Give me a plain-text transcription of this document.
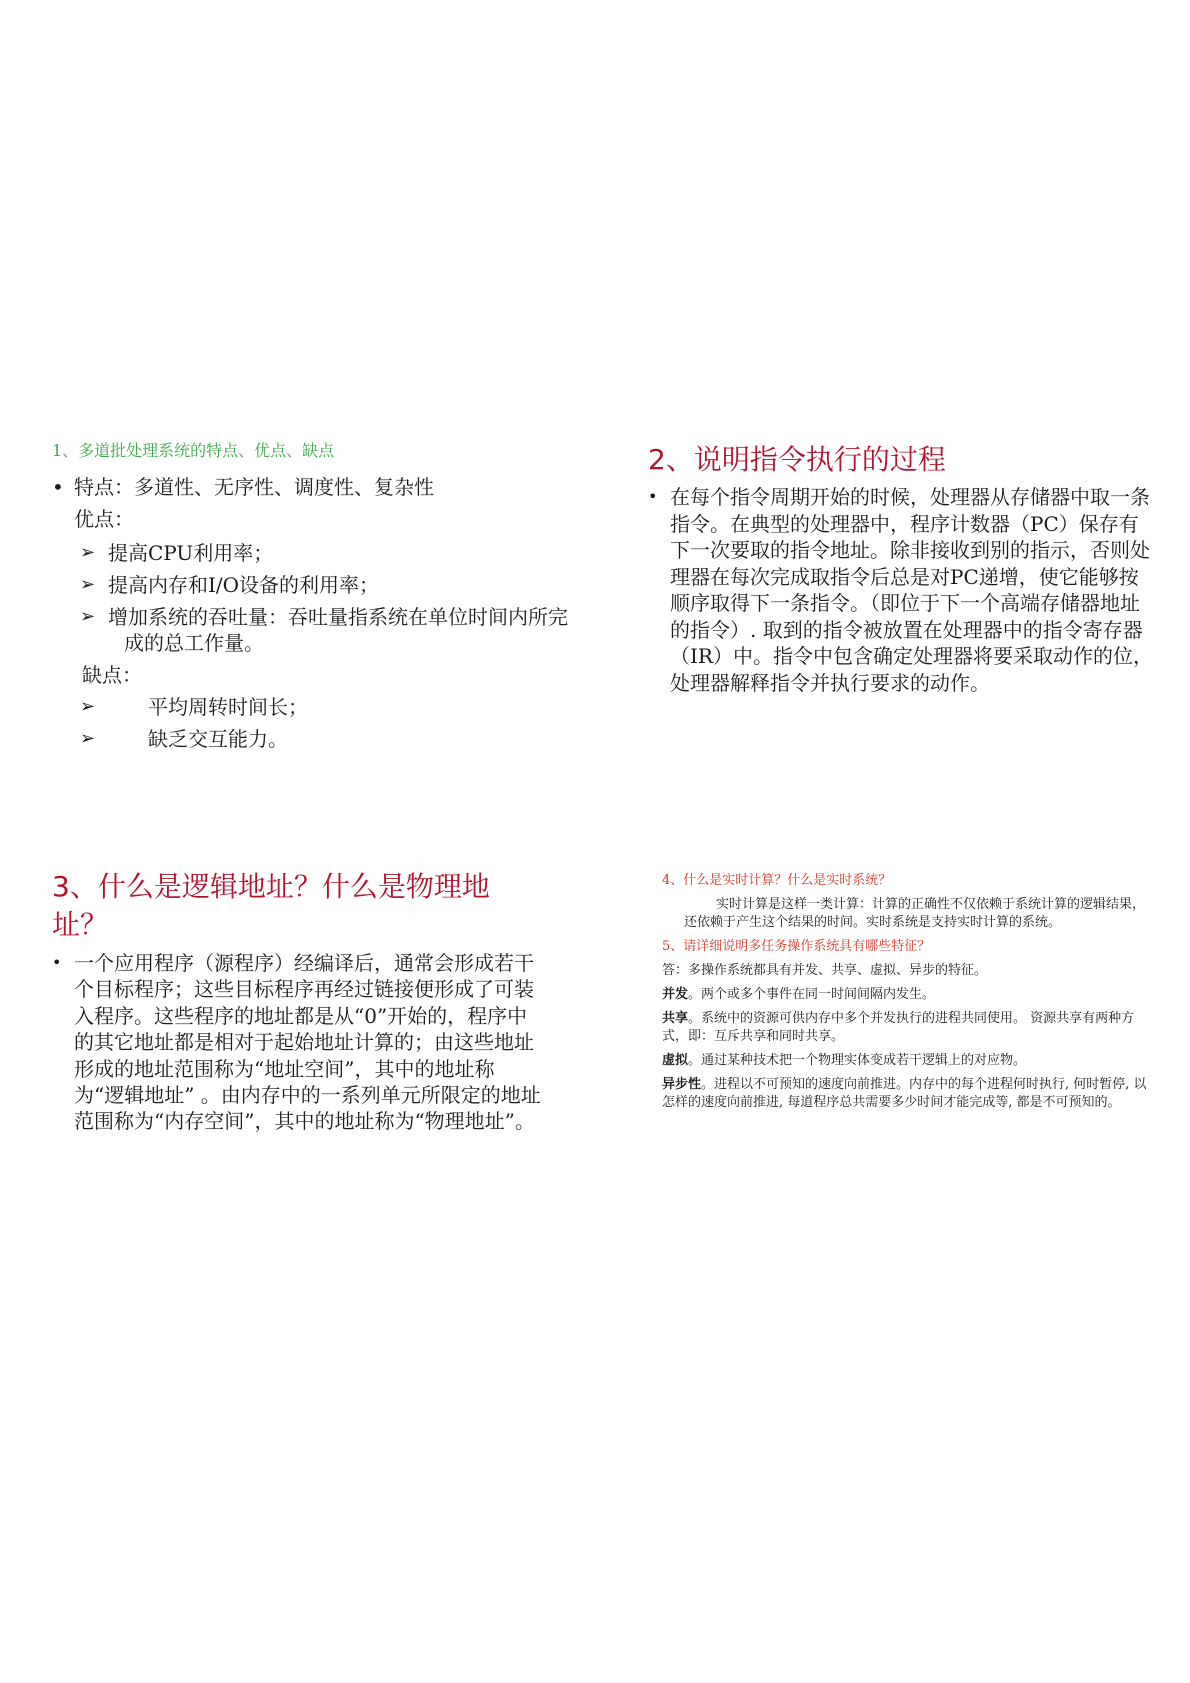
1、多道批处理系统的特点、优点、缺点
• 特点：多道性、无序性、调度性、复杂性
优点：
➢ 提高CPU利用率；
➢ 提高内存和I/O设备的利用率；
➢ 增加系统的吞吐量：吞吐量指系统在单位时间内所完成的总工作量。
缺点：
➢	平均周转时间长；
➢	缺乏交互能力。
2、说明指令执行的过程
• 在每个指令周期开始的时候，处理器从存储器中取一条指令。在典型的处理器中，程序计数器（PC）保存有下一次要取的指令地址。除非接收到别的指示，否则处理器在每次完成取指令后总是对PC递增，使它能够按顺序取得下一条指令。（即位于下一个高端存储器地址的指令）. 取到的指令被放置在处理器中的指令寄存器（IR）中。指令中包含确定处理器将要采取动作的位，处理器解释指令并执行要求的动作。
3、什么是逻辑地址？什么是物理地址？
• 一个应用程序（源程序）经编译后，通常会形成若干个目标程序；这些目标程序再经过链接便形成了可装入程序。这些程序的地址都是从“0”开始的，程序中的其它地址都是相对于起始地址计算的；由这些地址形成的地址范围称为“地址空间”，其中的地址称为“逻辑地址” 。由内存中的一系列单元所限定的地址范围称为“内存空间”，其中的地址称为“物理地址”。
4、什么是实时计算？什么是实时系统？
实时计算是这样一类计算：计算的正确性不仅依赖于系统计算的逻辑结果，还依赖于产生这个结果的时间。实时系统是支持实时计算的系统。
5、请详细说明多任务操作系统具有哪些特征？
答：多操作系统都具有并发、共享、虚拟、异步的特征。
并发。两个或多个事件在同一时间间隔内发生。
共享。系统中的资源可供内存中多个并发执行的进程共同使用。 资源共享有两种方式，即：互斥共享和同时共享。
虚拟。通过某种技术把一个物理实体变成若干逻辑上的对应物。
异步性。进程以不可预知的速度向前推进。内存中的每个进程何时执行, 何时暂停, 以怎样的速度向前推进, 每道程序总共需要多少时间才能完成等, 都是不可预知的。
